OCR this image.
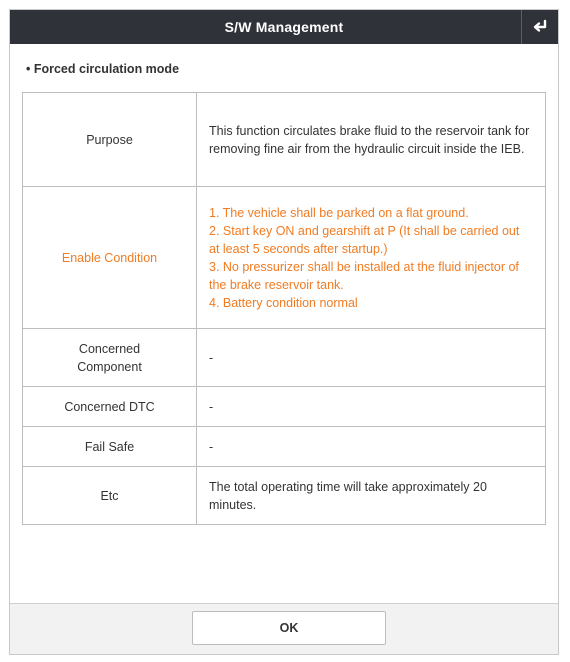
S/W Management
• Forced circulation mode
Purpose	This function circulates brake fluid to the reservoir tank for removing fine air from the hydraulic circuit inside the IEB.
Enable Condition	1. The vehicle shall be parked on a flat ground.
2. Start key ON and gearshift at P (It shall be carried out at least 5 seconds after startup.)
3. No pressurizer shall be installed at the fluid injector of the brake reservoir tank.
4. Battery condition normal

Concerned
Component	-
Concerned DTC	-
Fail Safe	-
Etc	The total operating time will take approximately 20 minutes.
OK
